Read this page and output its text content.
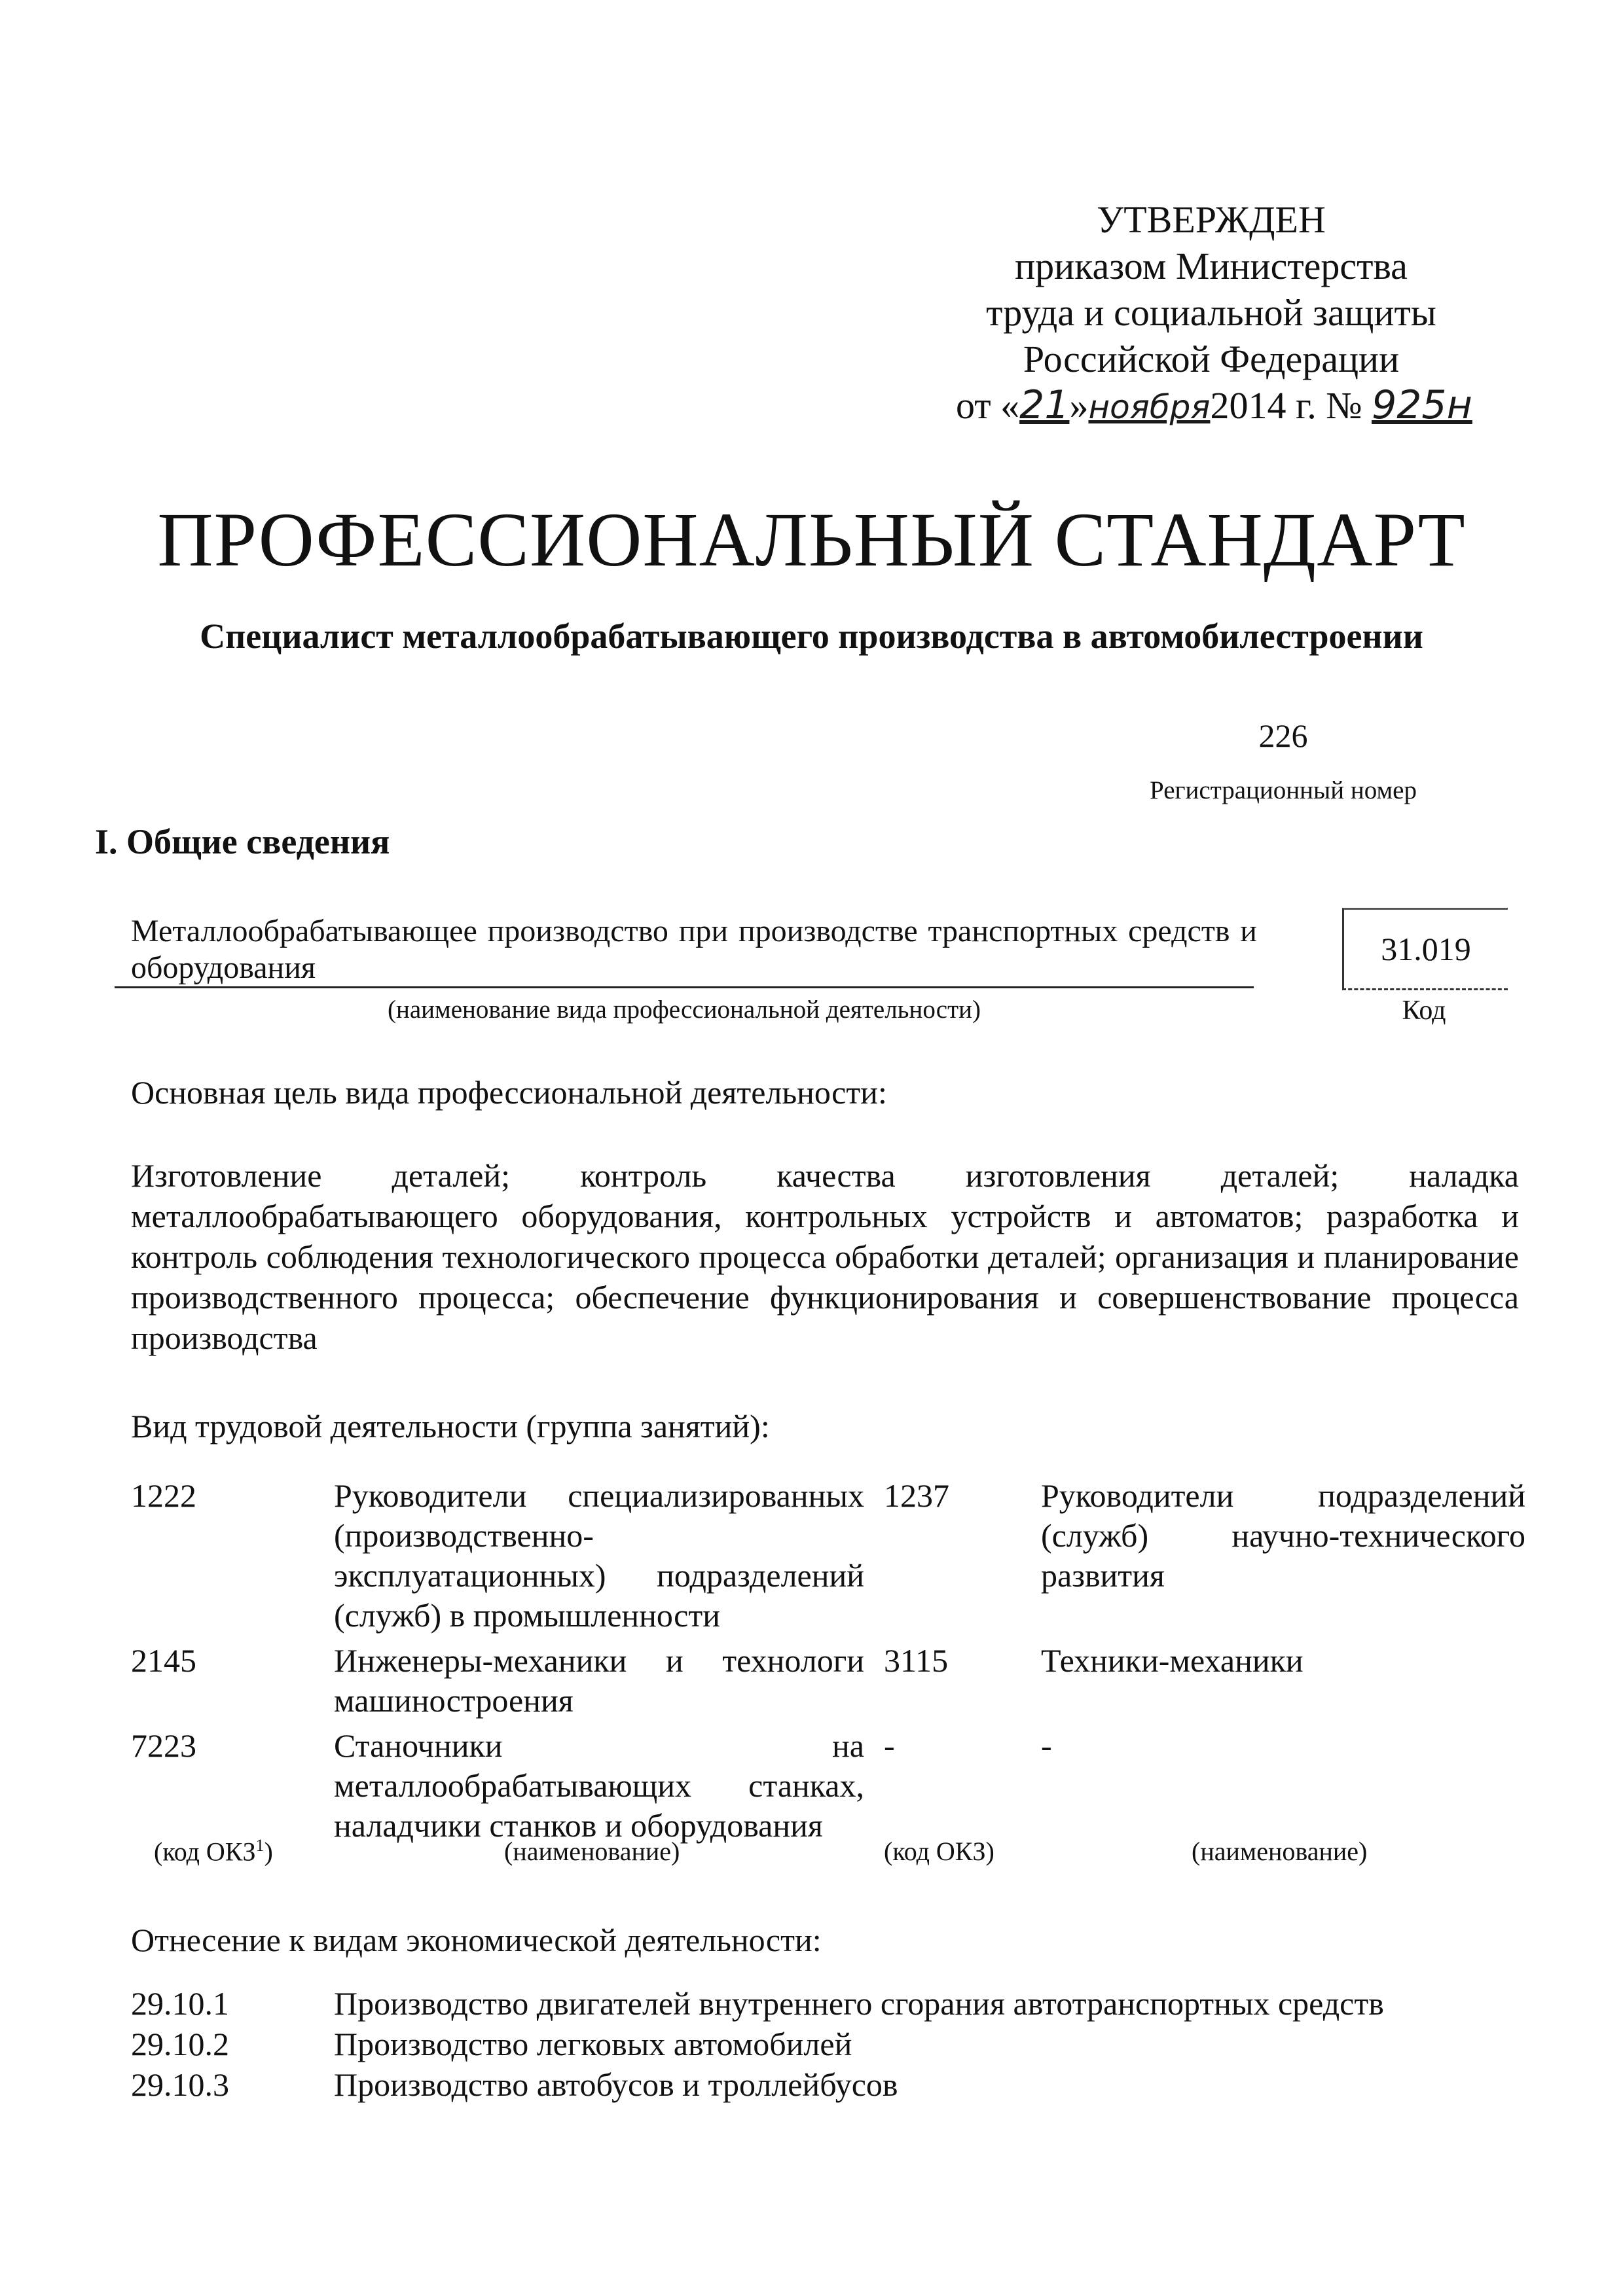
УТВЕРЖДЕН
приказом Министерства
труда и социальной защиты
Российской Федерации
от «21»ноября2014 г. № 925н
ПРОФЕССИОНАЛЬНЫЙ СТАНДАРТ
Специалист металлообрабатывающего производства в автомобилестроении
226
Регистрационный номер
I. Общие сведения
Металлообрабатывающее производство при производстве транспортных средств и оборудования
(наименование вида профессиональной деятельности)
31.019
Код
Основная цель вида профессиональной деятельности:
Изготовление деталей; контроль качества изготовления деталей; наладка металлообрабатывающего оборудования, контрольных устройств и автоматов; разработка и контроль соблюдения технологического процесса обработки деталей; организация и планирование производственного процесса; обеспечение функционирования и совершенствование процесса производства
Вид трудовой деятельности (группа занятий):
1222	Руководители специализированных (производственно-эксплуатационных) подразделений (служб) в промышленности	1237	Руководители подразделений (служб) научно-технического развития
2145	Инженеры-механики и технологи машиностроения	3115	Техники-механики
7223	Станочники на металлообрабатывающих станках, наладчики станков и оборудования	-	-
(код ОКЗ$^1$)	(наименование)	(код ОКЗ)	(наименование)
Отнесение к видам экономической деятельности:
29.10.1	Производство двигателей внутреннего сгорания автотранспортных средств
29.10.2	Производство легковых автомобилей
29.10.3	Производство автобусов и троллейбусов
